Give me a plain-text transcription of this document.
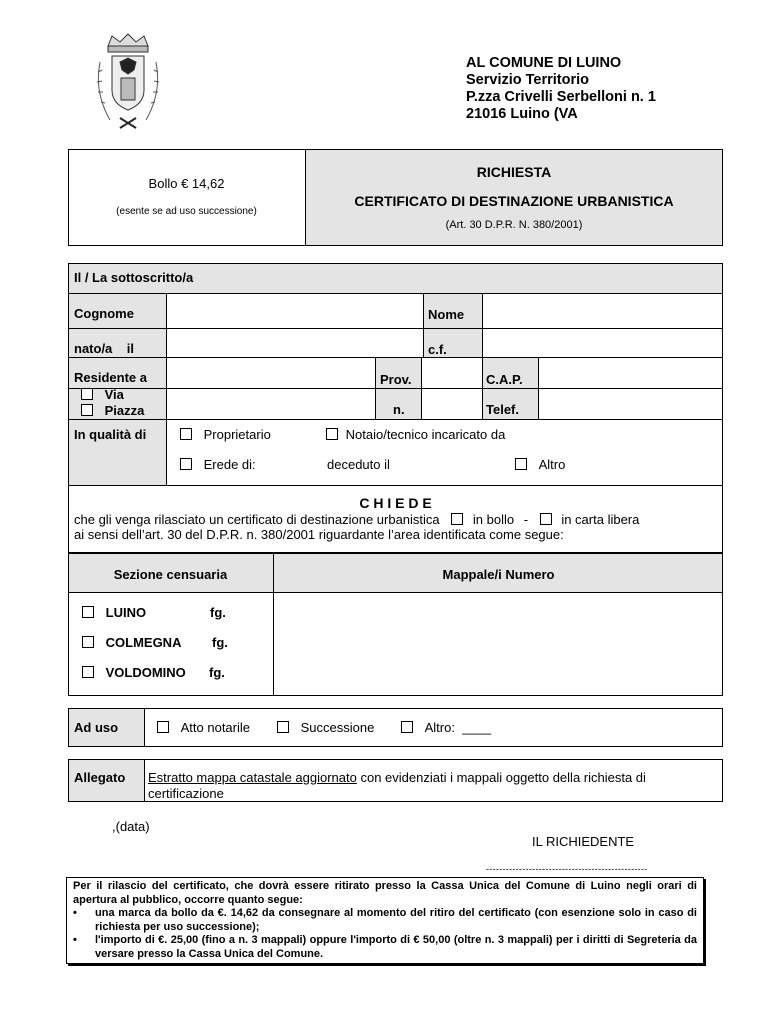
AL COMUNE DI LUINO
Servizio Territorio
P.zza Crivelli Serbelloni n. 1
21016 Luino (VA
Bollo € 14,62
(esente se ad uso successione)
RICHIESTA
CERTIFICATO DI DESTINAZIONE URBANISTICA
(Art. 30 D.P.R. N. 380/2001)
Il / La sottoscritto/a
Cognome	Nome
nato/a    il	c.f.
Residente a	Prov.	C.A.P.
Via
Piazza	n.	Telef.
In qualità di	Proprietario	Notaio/tecnico incaricato da
Erede di:	deceduto il	Altro
C H I E D E
che gli venga rilasciato un certificato di destinazione urbanistica	in bollo -	in carta libera
ai sensi dell’art. 30 del D.P.R. n. 380/2001 riguardante l’area identificata come segue:
Sezione censuaria	Mappale/i Numero
LUINO	fg.
COLMEGNA fg.
VOLDOMINO fg.
Ad uso	Atto notarile	Successione	Altro:  ____
Allegato Estratto mappa catastale aggiornato con evidenziati i mappali oggetto della richiesta di
certificazione
,(data)
IL RICHIEDENTE
-------------------------------------------------
Per il rilascio del certificato, che dovrà essere ritirato presso la Cassa Unica del Comune di Luino negli orari di apertura al pubblico, occorre quanto segue:
• una marca da bollo da €. 14,62 da consegnare al momento del ritiro del certificato (con esenzione solo in caso di richiesta per uso successione);
• l'importo di €. 25,00 (fino a n. 3 mappali) oppure l'importo di € 50,00 (oltre n. 3 mappali) per i diritti di Segreteria da versare presso la Cassa Unica del Comune.
